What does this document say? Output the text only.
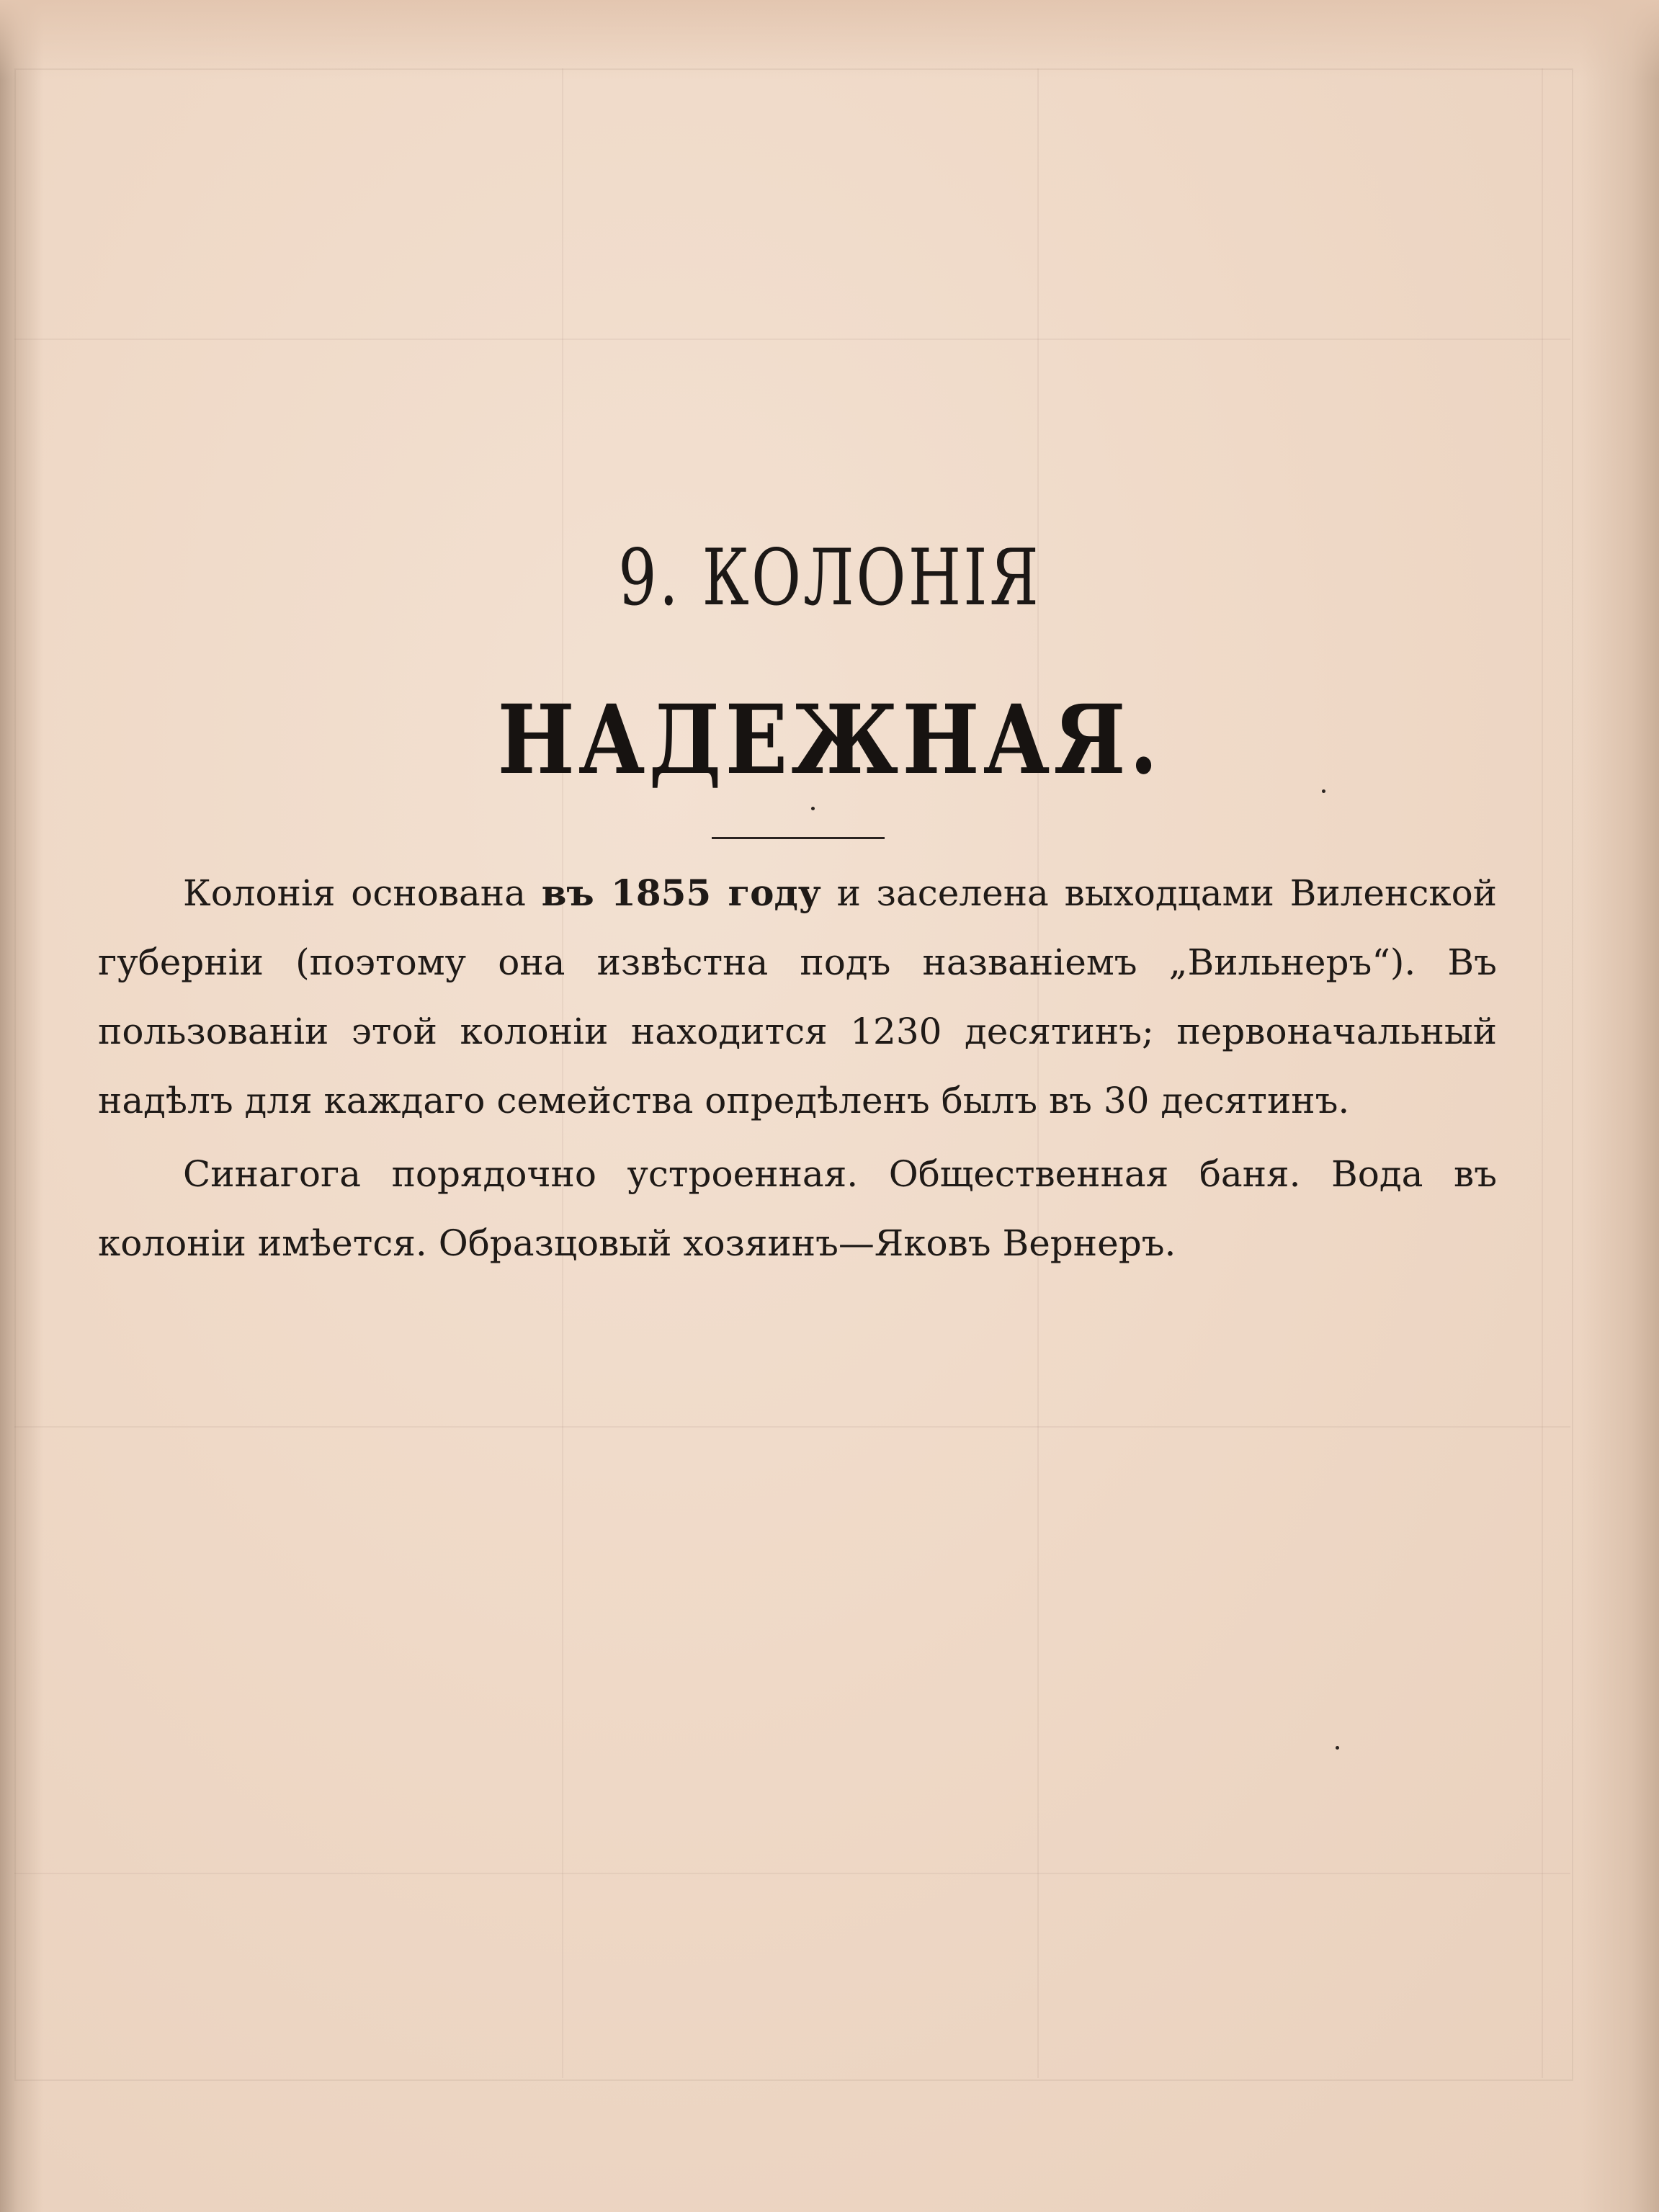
9. КОЛОНІЯ
НАДЕЖНАЯ.

Колонія основана въ 1855 году и заселена выходцами Виленской губерніи (поэтому она извѣстна подъ названіемъ „Вильнеръ“). Въ пользованіи этой колоніи находится 1230 десятинъ; первоначальный надѣлъ для каждаго семейства опредѣленъ былъ въ 30 десятинъ.

Синагога порядочно устроенная. Общественная баня. Вода въ колоніи имѣется. Образцовый хозяинъ—Яковъ Вернеръ.
